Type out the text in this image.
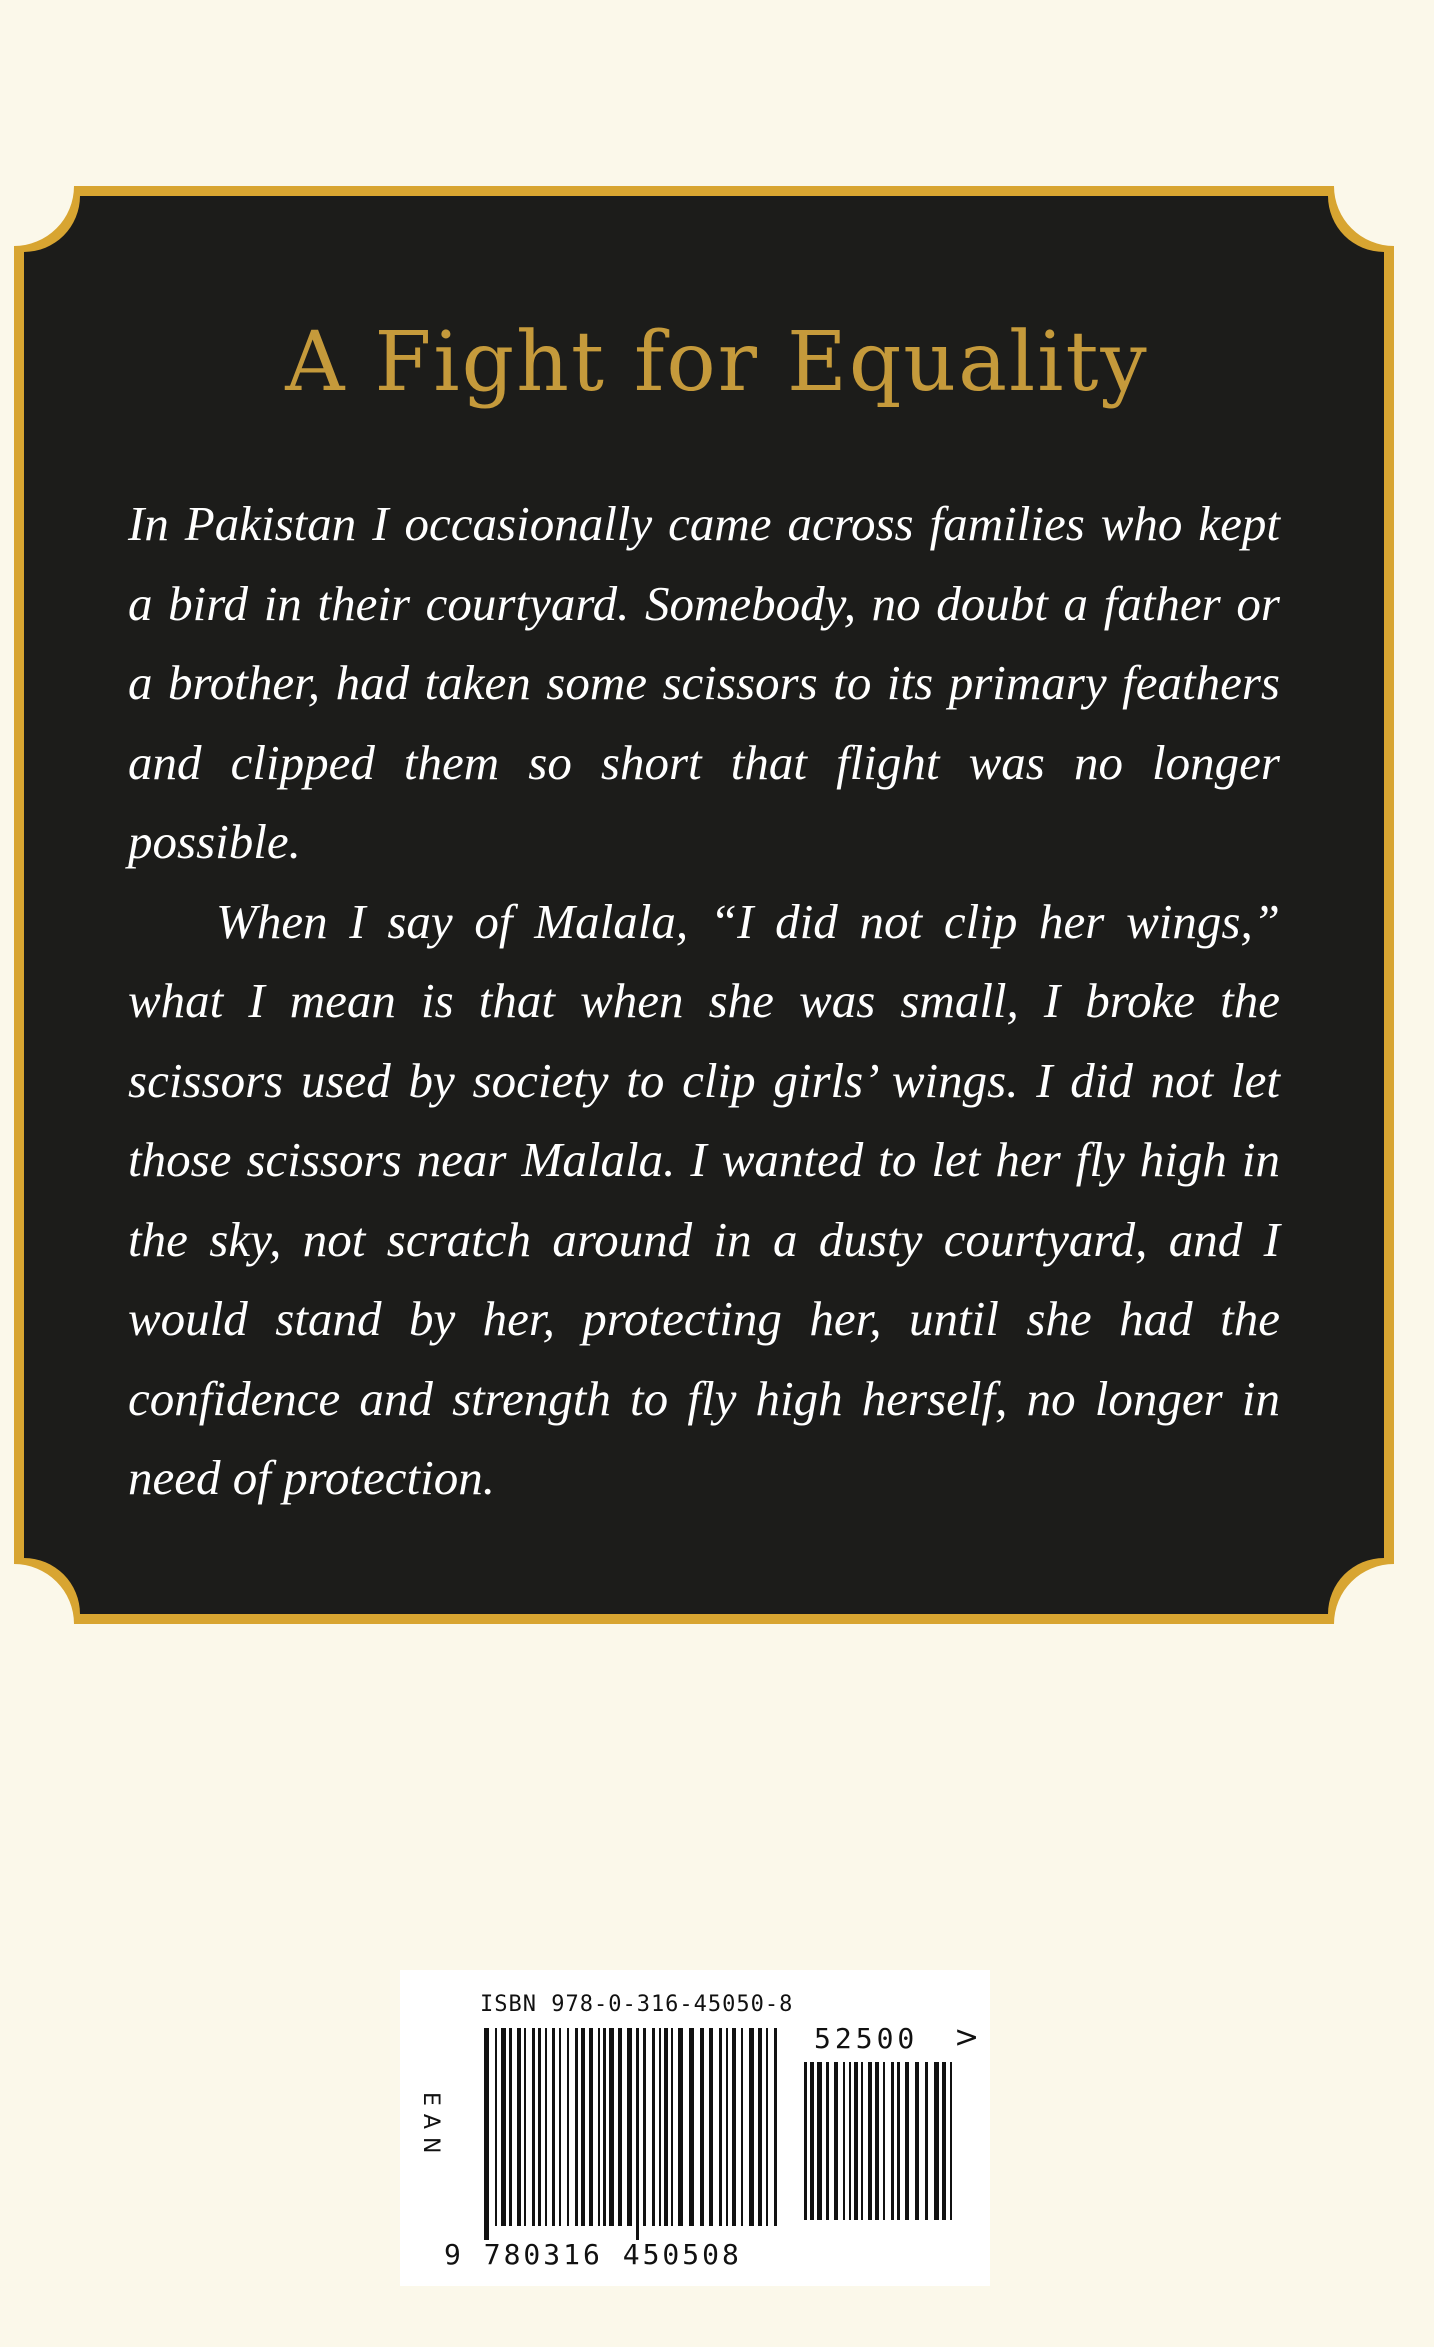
A Fight for Equality

In Pakistan I occasionally came across families who kept a bird in their courtyard. Somebody, no doubt a father or a brother, had taken some scissors to its primary feathers and clipped them so short that flight was no longer possible.

When I say of Malala, “I did not clip her wings,” what I mean is that when she was small, I broke the scissors used by society to clip girls’ wings. I did not let those scissors near Malala. I wanted to let her fly high in the sky, not scratch around in a dusty courtyard, and I would stand by her, protecting her, until she had the confidence and strength to fly high herself, no longer in need of protection.

ISBN 978-0-316-45050-8
52500 >
EAN
9 780316 450508
